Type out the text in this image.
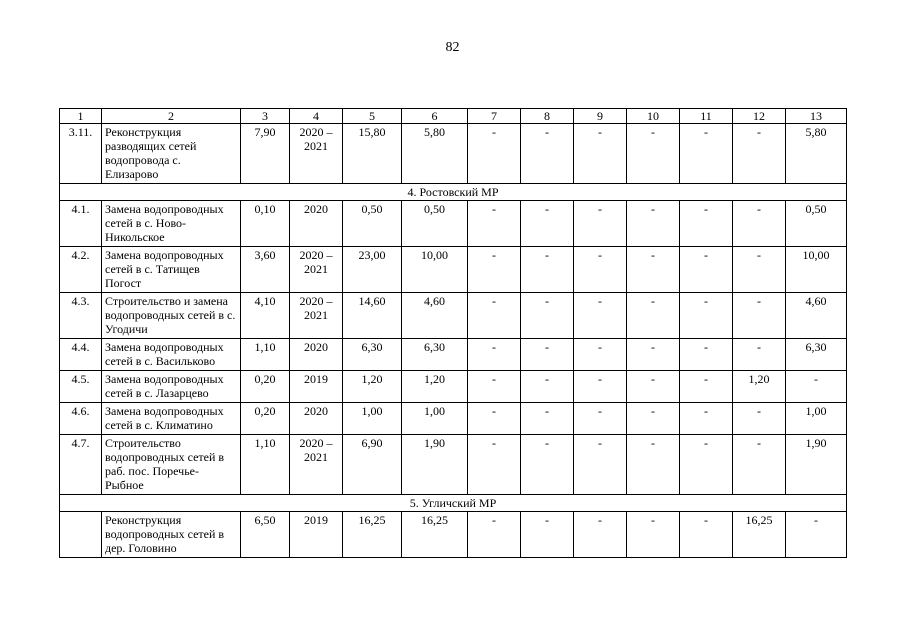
82
1	2	3	4	5	6	7	8	9	10	11	12	13
3.11.	Реконструкция разводящих сетей водопровода с. Елизарово	7,90	2020 – 2021	15,80	5,80	-	-	-	-	-	-	5,80
4. Ростовский МР												
4.1.	Замена водопроводных сетей в с. Ново-Никольское	0,10	2020	0,50	0,50	-	-	-	-	-	-	0,50
4.2.	Замена водопроводных сетей в с. Татищев Погост	3,60	2020 – 2021	23,00	10,00	-	-	-	-	-	-	10,00
4.3.	Строительство и замена водопроводных сетей в с. Угодичи	4,10	2020 – 2021	14,60	4,60	-	-	-	-	-	-	4,60
4.4.	Замена водопроводных сетей в с. Васильково	1,10	2020	6,30	6,30	-	-	-	-	-	-	6,30
4.5.	Замена водопроводных сетей в с. Лазарцево	0,20	2019	1,20	1,20	-	-	-	-	-	1,20	-
4.6.	Замена водопроводных сетей в с. Климатино	0,20	2020	1,00	1,00	-	-	-	-	-	-	1,00
4.7.	Строительство водопроводных сетей в раб. пос. Поречье-Рыбное	1,10	2020 – 2021	6,90	1,90	-	-	-	-	-	-	1,90
5. Угличский МР												
	Реконструкция водопроводных сетей в дер. Головино	6,50	2019	16,25	16,25	-	-	-	-	-	16,25	-
